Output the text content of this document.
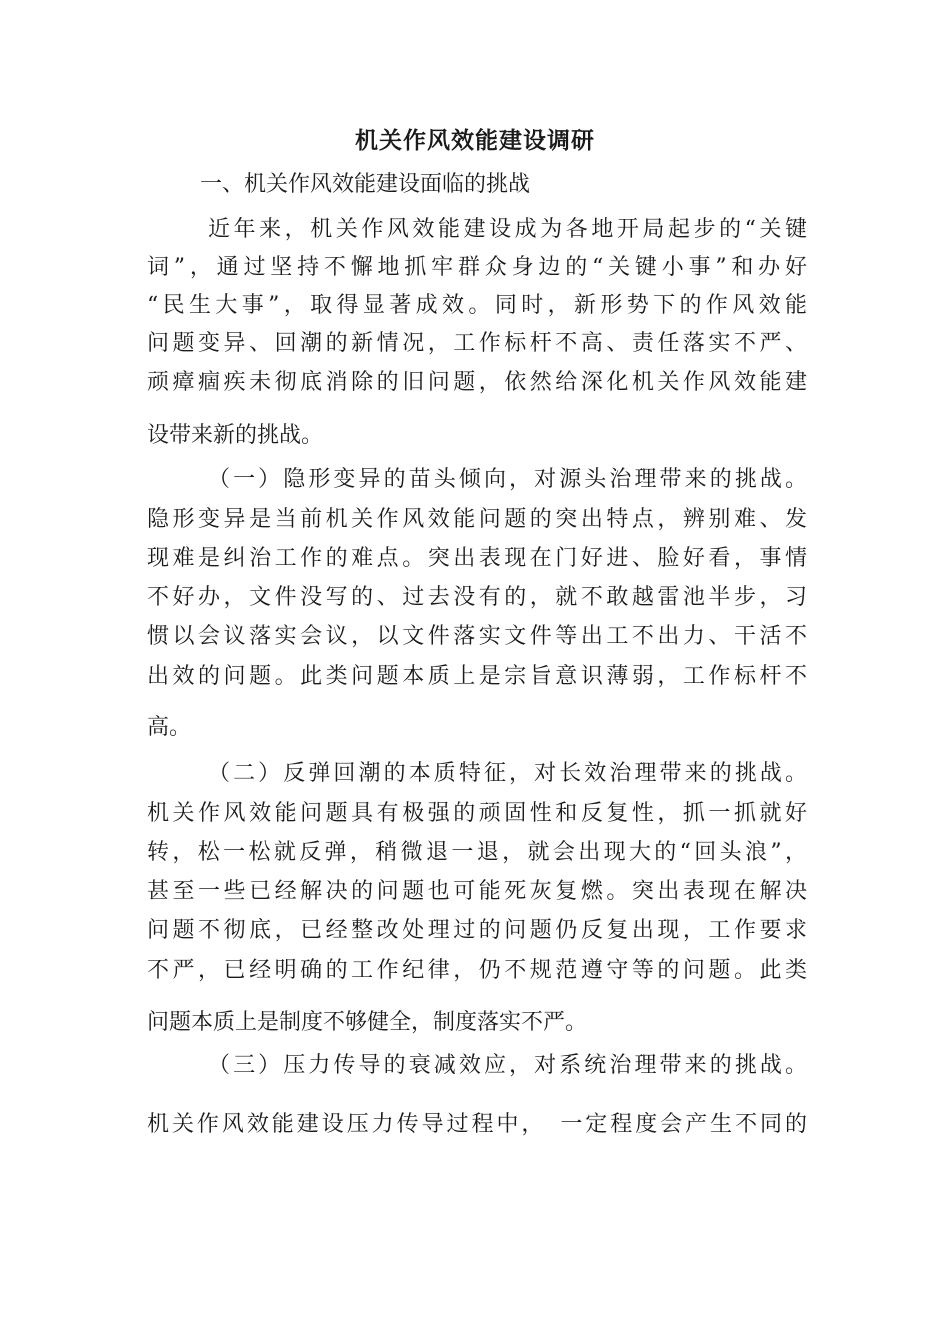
机关作风效能建设调研
一、机关作风效能建设面临的挑战
近年来，机关作风效能建设成为各地开局起步的“关键
词”，通过坚持不懈地抓牢群众身边的“关键小事”和办好
“民生大事”，取得显著成效。同时，新形势下的作风效能
问题变异、回潮的新情况，工作标杆不高、责任落实不严、
顽瘴痼疾未彻底消除的旧问题，依然给深化机关作风效能建
设带来新的挑战。
（一）隐形变异的苗头倾向，对源头治理带来的挑战。
隐形变异是当前机关作风效能问题的突出特点，辨别难、发
现难是纠治工作的难点。突出表现在门好进、脸好看，事情
不好办，文件没写的、过去没有的，就不敢越雷池半步，习
惯以会议落实会议，以文件落实文件等出工不出力、干活不
出效的问题。此类问题本质上是宗旨意识薄弱，工作标杆不
高。
（二）反弹回潮的本质特征，对长效治理带来的挑战。
机关作风效能问题具有极强的顽固性和反复性，抓一抓就好
转，松一松就反弹，稍微退一退，就会出现大的“回头浪”，
甚至一些已经解决的问题也可能死灰复燃。突出表现在解决
问题不彻底，已经整改处理过的问题仍反复出现，工作要求
不严，已经明确的工作纪律，仍不规范遵守等的问题。此类
问题本质上是制度不够健全，制度落实不严。
（三）压力传导的衰减效应，对系统治理带来的挑战。
机关作风效能建设压力传导过程中，　一定程度会产生不同的
